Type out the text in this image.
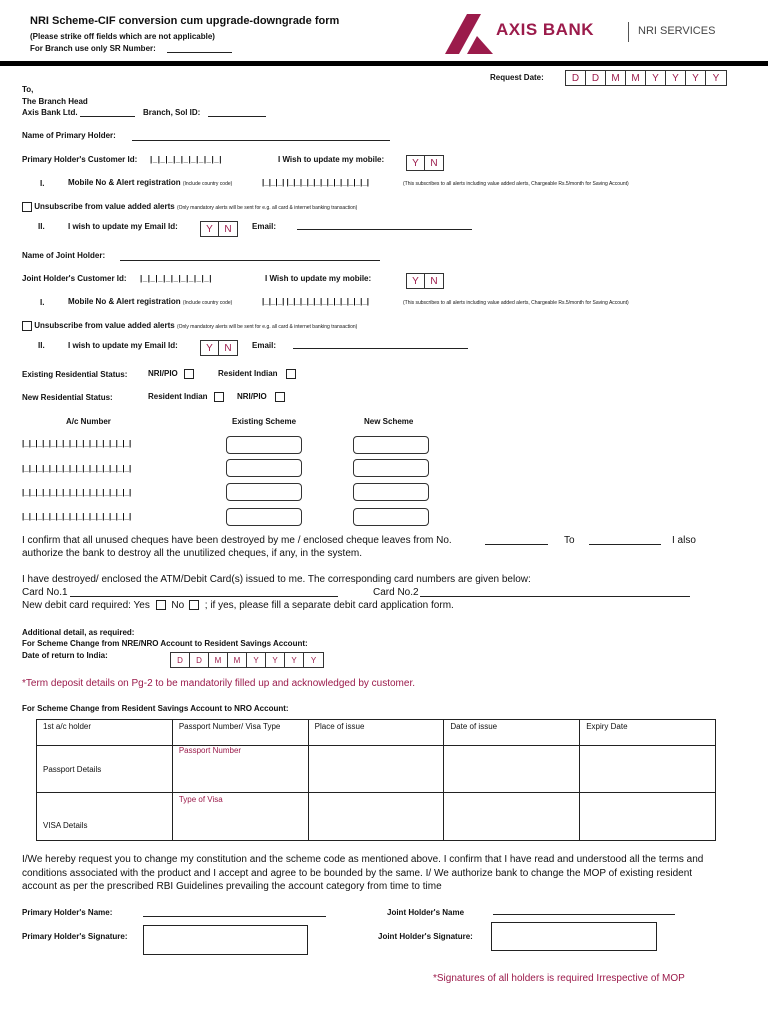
NRI Scheme-CIF conversion cum upgrade-downgrade form
(Please strike off fields which are not applicable)
For Branch use only SR Number:
AXIS BANK	NRI SERVICES
Request Date:	D	D	M	M	Y	Y	Y	Y
To,
The Branch Head
Axis Bank Ltd.	Branch, Sol ID:
Name of Primary Holder:
Primary Holder's Customer Id: |_|_|_|_|_|_|_|_|_|	I Wish to update my mobile:	Y	N
I.	Mobile No & Alert registration (Include country code)	|_|_|_| |_|_|_|_|_|_|_|_|_|_|_|_|	(This subscribes to all alerts including value added alerts, Chargeable Rs.5/month for Saving Account)
Unsubscribe from value added alerts (Only mandatory alerts will be sent for e.g. all card & internet banking transaction)
II.	I wish to update my Email Id:	Y	N	Email:
Name of Joint Holder:
Joint Holder's Customer Id: |_|_|_|_|_|_|_|_|_|	I Wish to update my mobile:	Y	N
I.	Mobile No & Alert registration (Include country code)	|_|_|_| |_|_|_|_|_|_|_|_|_|_|_|_|	(This subscribes to all alerts including value added alerts, Chargeable Rs.5/month for Saving Account)
Unsubscribe from value added alerts (Only mandatory alerts will be sent for e.g. all card & internet banking transaction)
II.	I wish to update my Email Id:	Y	N	Email:
Existing Residential Status:	NRI/PIO	Resident Indian
New Residential Status:	Resident Indian	NRI/PIO
A/c Number	Existing Scheme	New Scheme
|_|_|_|_|_|_|_|_|_|_|_|_|_|_|_|_|
|_|_|_|_|_|_|_|_|_|_|_|_|_|_|_|_|
|_|_|_|_|_|_|_|_|_|_|_|_|_|_|_|_|
|_|_|_|_|_|_|_|_|_|_|_|_|_|_|_|_|
I confirm that all unused cheques have been destroyed by me / enclosed cheque leaves from No.	To	I also
authorize the bank to destroy all the unutilized cheques, if any, in the system.
I have destroyed/ enclosed the ATM/Debit Card(s) issued to me. The corresponding card numbers are given below:
Card No.1	Card No.2
New debit card required: Yes No ; if yes, please fill a separate debit card application form.
Additional detail, as required:
For Scheme Change from NRE/NRO Account to Resident Savings Account:
Date of return to India:
D	D	M	M	Y	Y	Y	Y
*Term deposit details on Pg-2 to be mandatorily filled up and acknowledged by customer.
For Scheme Change from Resident Savings Account to NRO Account:
1st a/c holder	Passport Number/ Visa Type	Place of issue	Date of issue	Expiry Date
Passport Details	Passport Number			
VISA Details	Type of Visa			
I/We hereby request you to change my constitution and the scheme code as mentioned above. I confirm that I have read and understood all the terms and conditions associated with the product and I accept and agree to be bounded by the same. I/ We authorize bank to change the MOP of existing resident account as per the prescribed RBI Guidelines prevailing the account category from time to time
Primary Holder's Name:	Joint Holder's Name
Primary Holder's Signature:	Joint Holder's Signature:
*Signatures of all holders is required Irrespective of MOP
